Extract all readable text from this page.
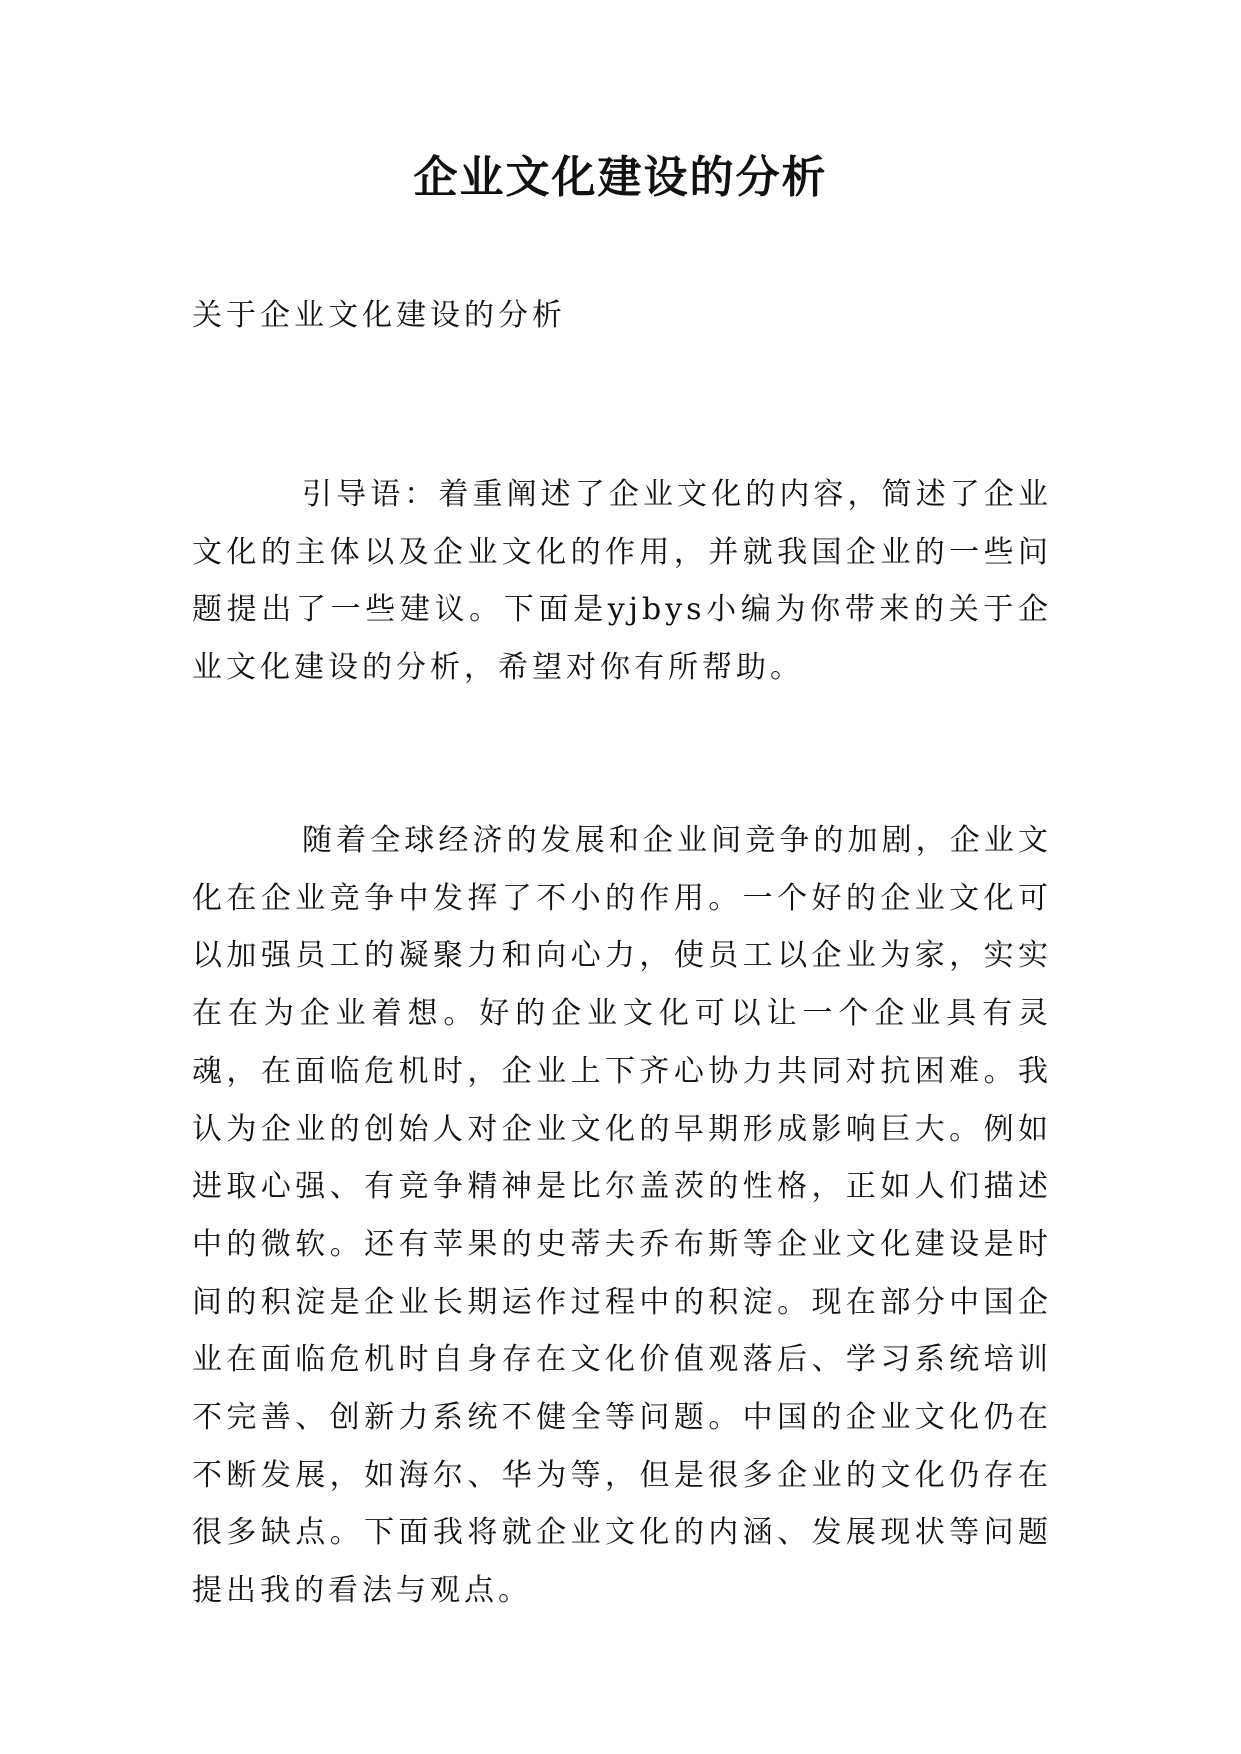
企业文化建设的分析
关于企业文化建设的分析

引导语：着重阐述了企业文化的内容，简述了企业文化的主体以及企业文化的作用，并就我国企业的一些问题提出了一些建议。下面是yjbys小编为你带来的关于企业文化建设的分析，希望对你有所帮助。

随着全球经济的发展和企业间竞争的加剧，企业文化在企业竞争中发挥了不小的作用。一个好的企业文化可以加强员工的凝聚力和向心力，使员工以企业为家，实实在在为企业着想。好的企业文化可以让一个企业具有灵魂，在面临危机时，企业上下齐心协力共同对抗困难。我认为企业的创始人对企业文化的早期形成影响巨大。例如进取心强、有竞争精神是比尔盖茨的性格，正如人们描述中的微软。还有苹果的史蒂夫乔布斯等企业文化建设是时间的积淀是企业长期运作过程中的积淀。现在部分中国企业在面临危机时自身存在文化价值观落后、学习系统培训不完善、创新力系统不健全等问题。中国的企业文化仍在不断发展，如海尔、华为等，但是很多企业的文化仍存在很多缺点。下面我将就企业文化的内涵、发展现状等问题提出我的看法与观点。
